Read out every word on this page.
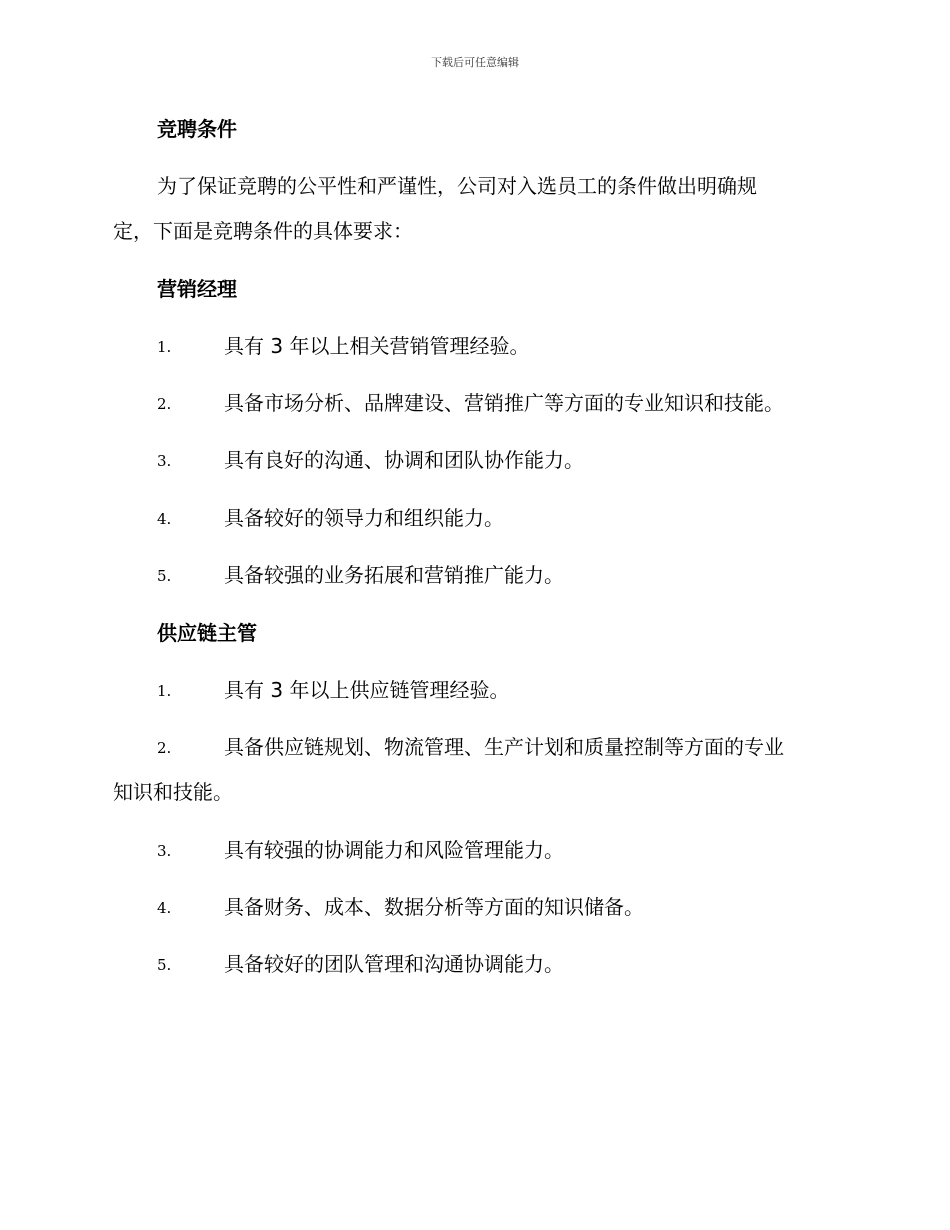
下载后可任意编辑
竞聘条件
为了保证竞聘的公平性和严谨性，公司对入选员工的条件做出明确规
定，下面是竞聘条件的具体要求：
营销经理
1.	具有 3 年以上相关营销管理经验。
2.	具备市场分析、品牌建设、营销推广等方面的专业知识和技能。
3.	具有良好的沟通、协调和团队协作能力。
4.	具备较好的领导力和组织能力。
5.	具备较强的业务拓展和营销推广能力。
供应链主管
1.	具有 3 年以上供应链管理经验。
2.	具备供应链规划、物流管理、生产计划和质量控制等方面的专业
知识和技能。
3.	具有较强的协调能力和风险管理能力。
4.	具备财务、成本、数据分析等方面的知识储备。
5.	具备较好的团队管理和沟通协调能力。
